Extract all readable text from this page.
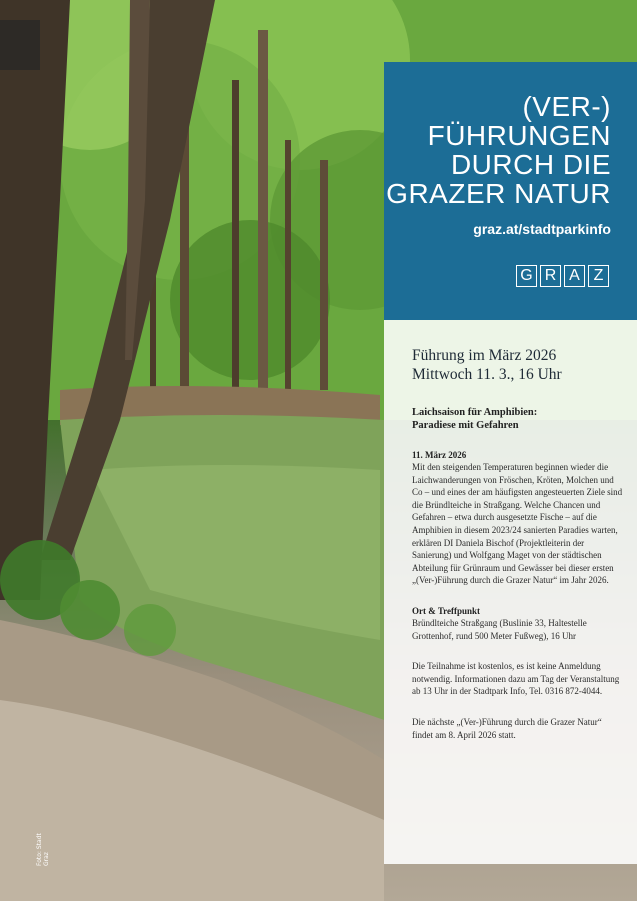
(VER-)
FÜHRUNGEN
DURCH DIE
GRAZER NATUR
graz.at/stadtparkinfo
G R A Z
Führung im März 2026
Mittwoch 11. 3., 16 Uhr
Laichsaison für Amphibien:
Paradiese mit Gefahren
11. März 2026

Mit den steigenden Temperaturen beginnen wieder die Laichwanderungen von Fröschen, Kröten, Molchen und Co – und eines der am häufigsten angesteuerten Ziele sind die Bründlteiche in Straßgang. Welche Chancen und Gefahren – etwa durch ausgesetzte Fische – auf die Amphibien in diesem 2023/24 sanierten Paradies warten, erklären DI Daniela Bischof (Projektleiterin der Sanierung) und Wolfgang Maget von der städtischen Abteilung für Grünraum und Gewässer bei dieser ersten „(Ver-)Führung durch die Grazer Natur“ im Jahr 2026.

Ort & Treffpunkt

Bründlteiche Straßgang (Buslinie 33, Haltestelle Grottenhof, rund 500 Meter Fußweg), 16 Uhr

Die Teilnahme ist kostenlos, es ist keine Anmeldung notwendig. Informationen dazu am Tag der Veranstaltung ab 13 Uhr in der Stadtpark Info, Tel. 0316 872-4044.

Die nächste „(Ver-)Führung durch die Grazer Natur“ findet am 8. April 2026 statt.

Foto: Stadt Graz
